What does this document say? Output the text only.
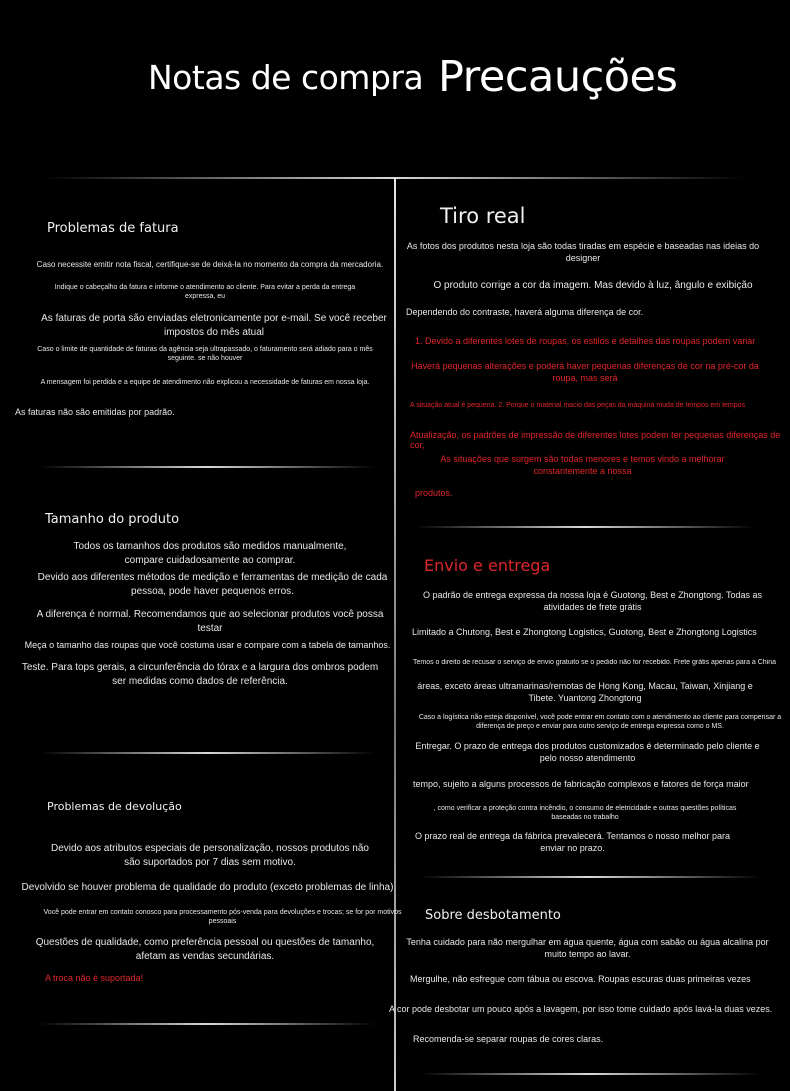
Notas de compra Precauções
Problemas de fatura
Caso necessite emitir nota fiscal, certifique-se de deixá-la no momento da compra da mercadoria.
Indique o cabeçalho da fatura e informe o atendimento ao cliente. Para evitar a perda da entrega expressa, eu
As faturas de porta são enviadas eletronicamente por e-mail. Se você receber impostos do mês atual
Caso o limite de quantidade de faturas da agência seja ultrapassado, o faturamento será adiado para o mês seguinte. se não houver
A mensagem foi perdida e a equipe de atendimento não explicou a necessidade de faturas em nossa loja.
As faturas não são emitidas por padrão.
Tamanho do produto
Todos os tamanhos dos produtos são medidos manualmente, compare cuidadosamente ao comprar.
Devido aos diferentes métodos de medição e ferramentas de medição de cada pessoa, pode haver pequenos erros.
A diferença é normal. Recomendamos que ao selecionar produtos você possa testar
Meça o tamanho das roupas que você costuma usar e compare com a tabela de tamanhos.
Teste. Para tops gerais, a circunferência do tórax e a largura dos ombros podem ser medidas como dados de referência.
Problemas de devolução
Devido aos atributos especiais de personalização, nossos produtos não são suportados por 7 dias sem motivo.
Devolvido se houver problema de qualidade do produto (exceto problemas de linha)
Você pode entrar em contato conosco para processamento pós-venda para devoluções e trocas; se for por motivos pessoais
Questões de qualidade, como preferência pessoal ou questões de tamanho, afetam as vendas secundárias.
A troca não é suportada!
Tiro real
As fotos dos produtos nesta loja são todas tiradas em espécie e baseadas nas ideias do designer
O produto corrige a cor da imagem. Mas devido à luz, ângulo e exibição
Dependendo do contraste, haverá alguma diferença de cor.
1. Devido a diferentes lotes de roupas, os estilos e detalhes das roupas podem variar
Haverá pequenas alterações e poderá haver pequenas diferenças de cor na pré-cor da roupa, mas será
A situação atual é pequena. 2. Porque o material macio das peças da máquina muda de tempos em tempos
Atualização, os padrões de impressão de diferentes lotes podem ter pequenas diferenças de cor,
As situações que surgem são todas menores e temos vindo a melhorar constantemente a nossa
produtos.
Envio e entrega
O padrão de entrega expressa da nossa loja é Guotong, Best e Zhongtong. Todas as atividades de frete grátis
Limitado a Chutong, Best e Zhongtong Logistics, Guotong, Best e Zhongtong Logistics
Temos o direito de recusar o serviço de envio gratuito se o pedido não for recebido. Frete grátis apenas para a China
áreas, exceto áreas ultramarinas/remotas de Hong Kong, Macau, Taiwan, Xinjiang e Tibete. Yuantong Zhongtong
Caso a logística não esteja disponível, você pode entrar em contato com o atendimento ao cliente para compensar a diferença de preço e enviar para outro serviço de entrega expressa como o MS.
Entregar. O prazo de entrega dos produtos customizados é determinado pelo cliente e pelo nosso atendimento
tempo, sujeito a alguns processos de fabricação complexos e fatores de força maior
, como verificar a proteção contra incêndio, o consumo de eletricidade e outras questões políticas baseadas no trabalho
O prazo real de entrega da fábrica prevalecerá. Tentamos o nosso melhor para enviar no prazo.
Sobre desbotamento
Tenha cuidado para não mergulhar em água quente, água com sabão ou água alcalina por muito tempo ao lavar.
Mergulhe, não esfregue com tábua ou escova. Roupas escuras duas primeiras vezes
A cor pode desbotar um pouco após a lavagem, por isso tome cuidado após lavá-la duas vezes.
Recomenda-se separar roupas de cores claras.
